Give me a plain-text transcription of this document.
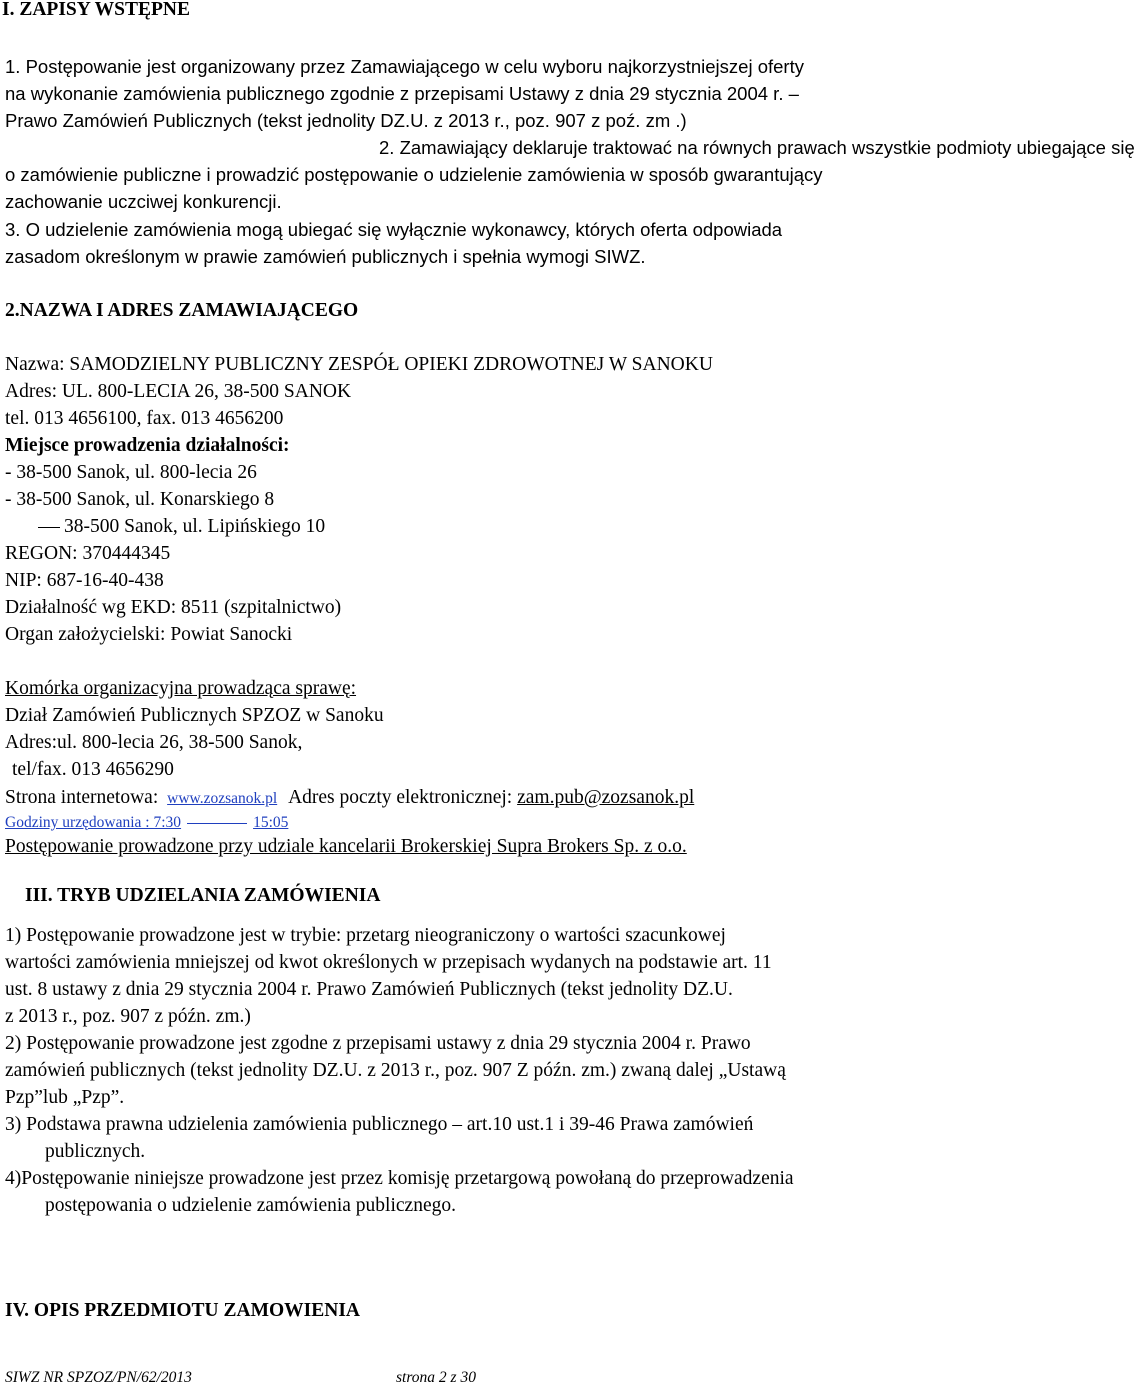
I. ZAPISY WSTĘPNE
1. Postępowanie jest organizowany przez Zamawiającego w celu wyboru najkorzystniejszej oferty
na wykonanie zamówienia publicznego zgodnie z przepisami Ustawy z dnia 29 stycznia 2004 r. –
Prawo Zamówień Publicznych (tekst jednolity DZ.U. z 2013 r., poz. 907 z poź. zm .)
2. Zamawiający deklaruje traktować na równych prawach wszystkie podmioty ubiegające się
o zamówienie publiczne i prowadzić postępowanie o udzielenie zamówienia w sposób gwarantujący
zachowanie uczciwej konkurencji.
3. O udzielenie zamówienia mogą ubiegać się wyłącznie wykonawcy, których oferta odpowiada
zasadom określonym w prawie zamówień publicznych i spełnia wymogi SIWZ.
2.NAZWA I ADRES ZAMAWIAJĄCEGO
Nazwa: SAMODZIELNY PUBLICZNY ZESPÓŁ OPIEKI ZDROWOTNEJ W SANOKU
Adres: UL. 800-LECIA 26, 38-500 SANOK
tel. 013 4656100, fax. 013 4656200
Miejsce prowadzenia działalności:
- 38-500 Sanok, ul. 800-lecia 26
- 38-500 Sanok, ul. Konarskiego 8
38-500 Sanok, ul. Lipińskiego 10
REGON: 370444345
NIP: 687-16-40-438
Działalność wg EKD: 8511 (szpitalnictwo)
Organ założycielski: Powiat Sanocki
Komórka organizacyjna prowadząca sprawę:
Dział Zamówień Publicznych SPZOZ w Sanoku
Adres:ul. 800-lecia 26, 38-500 Sanok,
tel/fax. 013 4656290
Strona internetowa: www.zozsanok.pl Adres poczty elektronicznej: zam.pub@zozsanok.pl
Godziny urzędowania : 7:30	15:05
Postępowanie prowadzone przy udziale kancelarii Brokerskiej Supra Brokers Sp. z o.o.
III. TRYB UDZIELANIA ZAMÓWIENIA
1) Postępowanie prowadzone jest w trybie: przetarg nieograniczony o wartości szacunkowej
wartości zamówienia mniejszej od kwot określonych w przepisach wydanych na podstawie art. 11
ust. 8 ustawy z dnia 29 stycznia 2004 r. Prawo Zamówień Publicznych (tekst jednolity DZ.U.
z 2013 r., poz. 907 z późn. zm.)
2) Postępowanie prowadzone jest zgodne z przepisami ustawy z dnia 29 stycznia 2004 r. Prawo
zamówień publicznych (tekst jednolity DZ.U. z 2013 r., poz. 907 Z późn. zm.) zwaną dalej „Ustawą
Pzp”lub „Pzp”.
3) Podstawa prawna udzielenia zamówienia publicznego – art.10 ust.1 i 39-46 Prawa zamówień
publicznych.
4)Postępowanie niniejsze prowadzone jest przez komisję przetargową powołaną do przeprowadzenia
postępowania o udzielenie zamówienia publicznego.
IV. OPIS PRZEDMIOTU ZAMOWIENIA
SIWZ NR SPZOZ/PN/62/2013	strona 2 z 30
